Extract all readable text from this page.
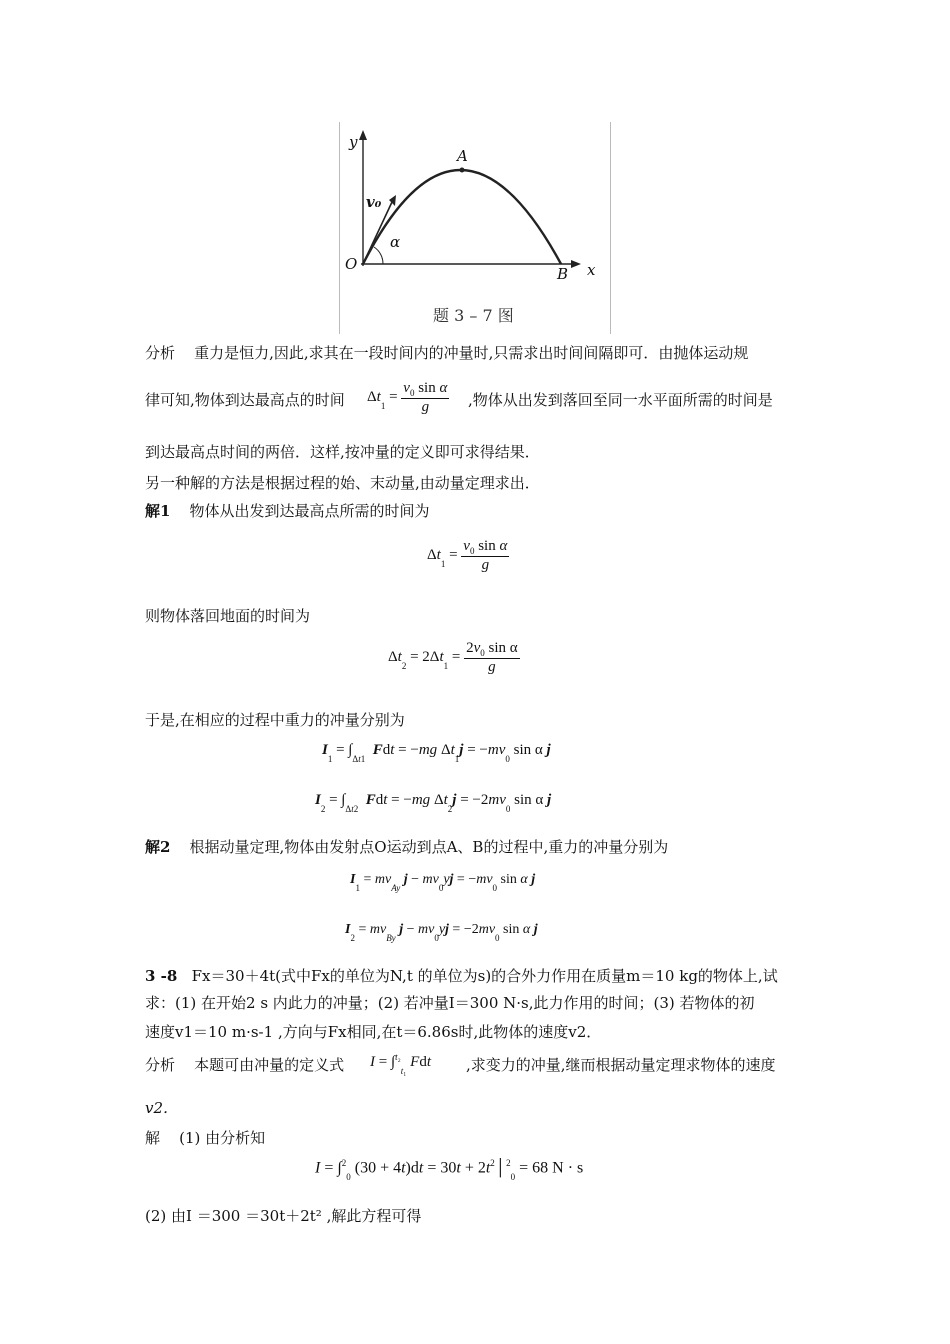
y
A
v₀
α
O
B x
题 3 – 7 图
分析 重力是恒力,因此,求其在一段时间内的冲量时,只需求出时间间隔即可．由抛体运动规
律可知,物体到达最高点的时间 $\Delta t_1 = \frac{v_0 \sin \alpha}{g}$ ,物体从出发到落回至同一水平面所需的时间是
到达最高点时间的两倍．这样,按冲量的定义即可求得结果．
另一种解的方法是根据过程的始、末动量,由动量定理求出．
解1 物体从出发到达最高点所需的时间为
$\Delta t_1 = \frac{v_0 \sin \alpha}{g}$
则物体落回地面的时间为
$\Delta t_2 = 2\Delta t_1 = \frac{2v_0 \sin \alpha}{g}$
于是,在相应的过程中重力的冲量分别为
$I_1 = \int_{\Delta t1}$  Fdt = −mg $\Delta t_1j = -mv_0$ sin α j
$I_2 = \int_{\Delta t2}$  Fdt = −mg $\Delta t_2j = -2mv_0$ sin α j
解2 根据动量定理,物体由发射点O运动到点A、B的过程中,重力的冲量分别为
$I_1 = mv_{Ay}$ $j - mv_0yj = -mv_0$ sin α j
$I_2 = mv_{By}$ $j - mv_0yj = -2mv_0$ sin α j
3 -8 Fx＝30＋4t(式中Fx的单位为N,t 的单位为s)的合外力作用在质量m＝10 kg的物体上,试
求：(1) 在开始2 s 内此力的冲量；(2) 若冲量I＝300 N·s,此力作用的时间；(3) 若物体的初
速度v1＝10 m·s-1 ,方向与Fx相同,在t＝6.86s时,此物体的速度v2．
分析 本题可由冲量的定义式 I = ∫$^{t_2}_{t_1}$ Fdt ,求变力的冲量,继而根据动量定理求物体的速度
v2．
解 (1) 由分析知
I = ∫$^2_0$ $(30 + 4t)dt = 30t + 2t^2│^2_0 = 68$ N · s
(2) 由I ＝300 ＝30t＋2t² ,解此方程可得
